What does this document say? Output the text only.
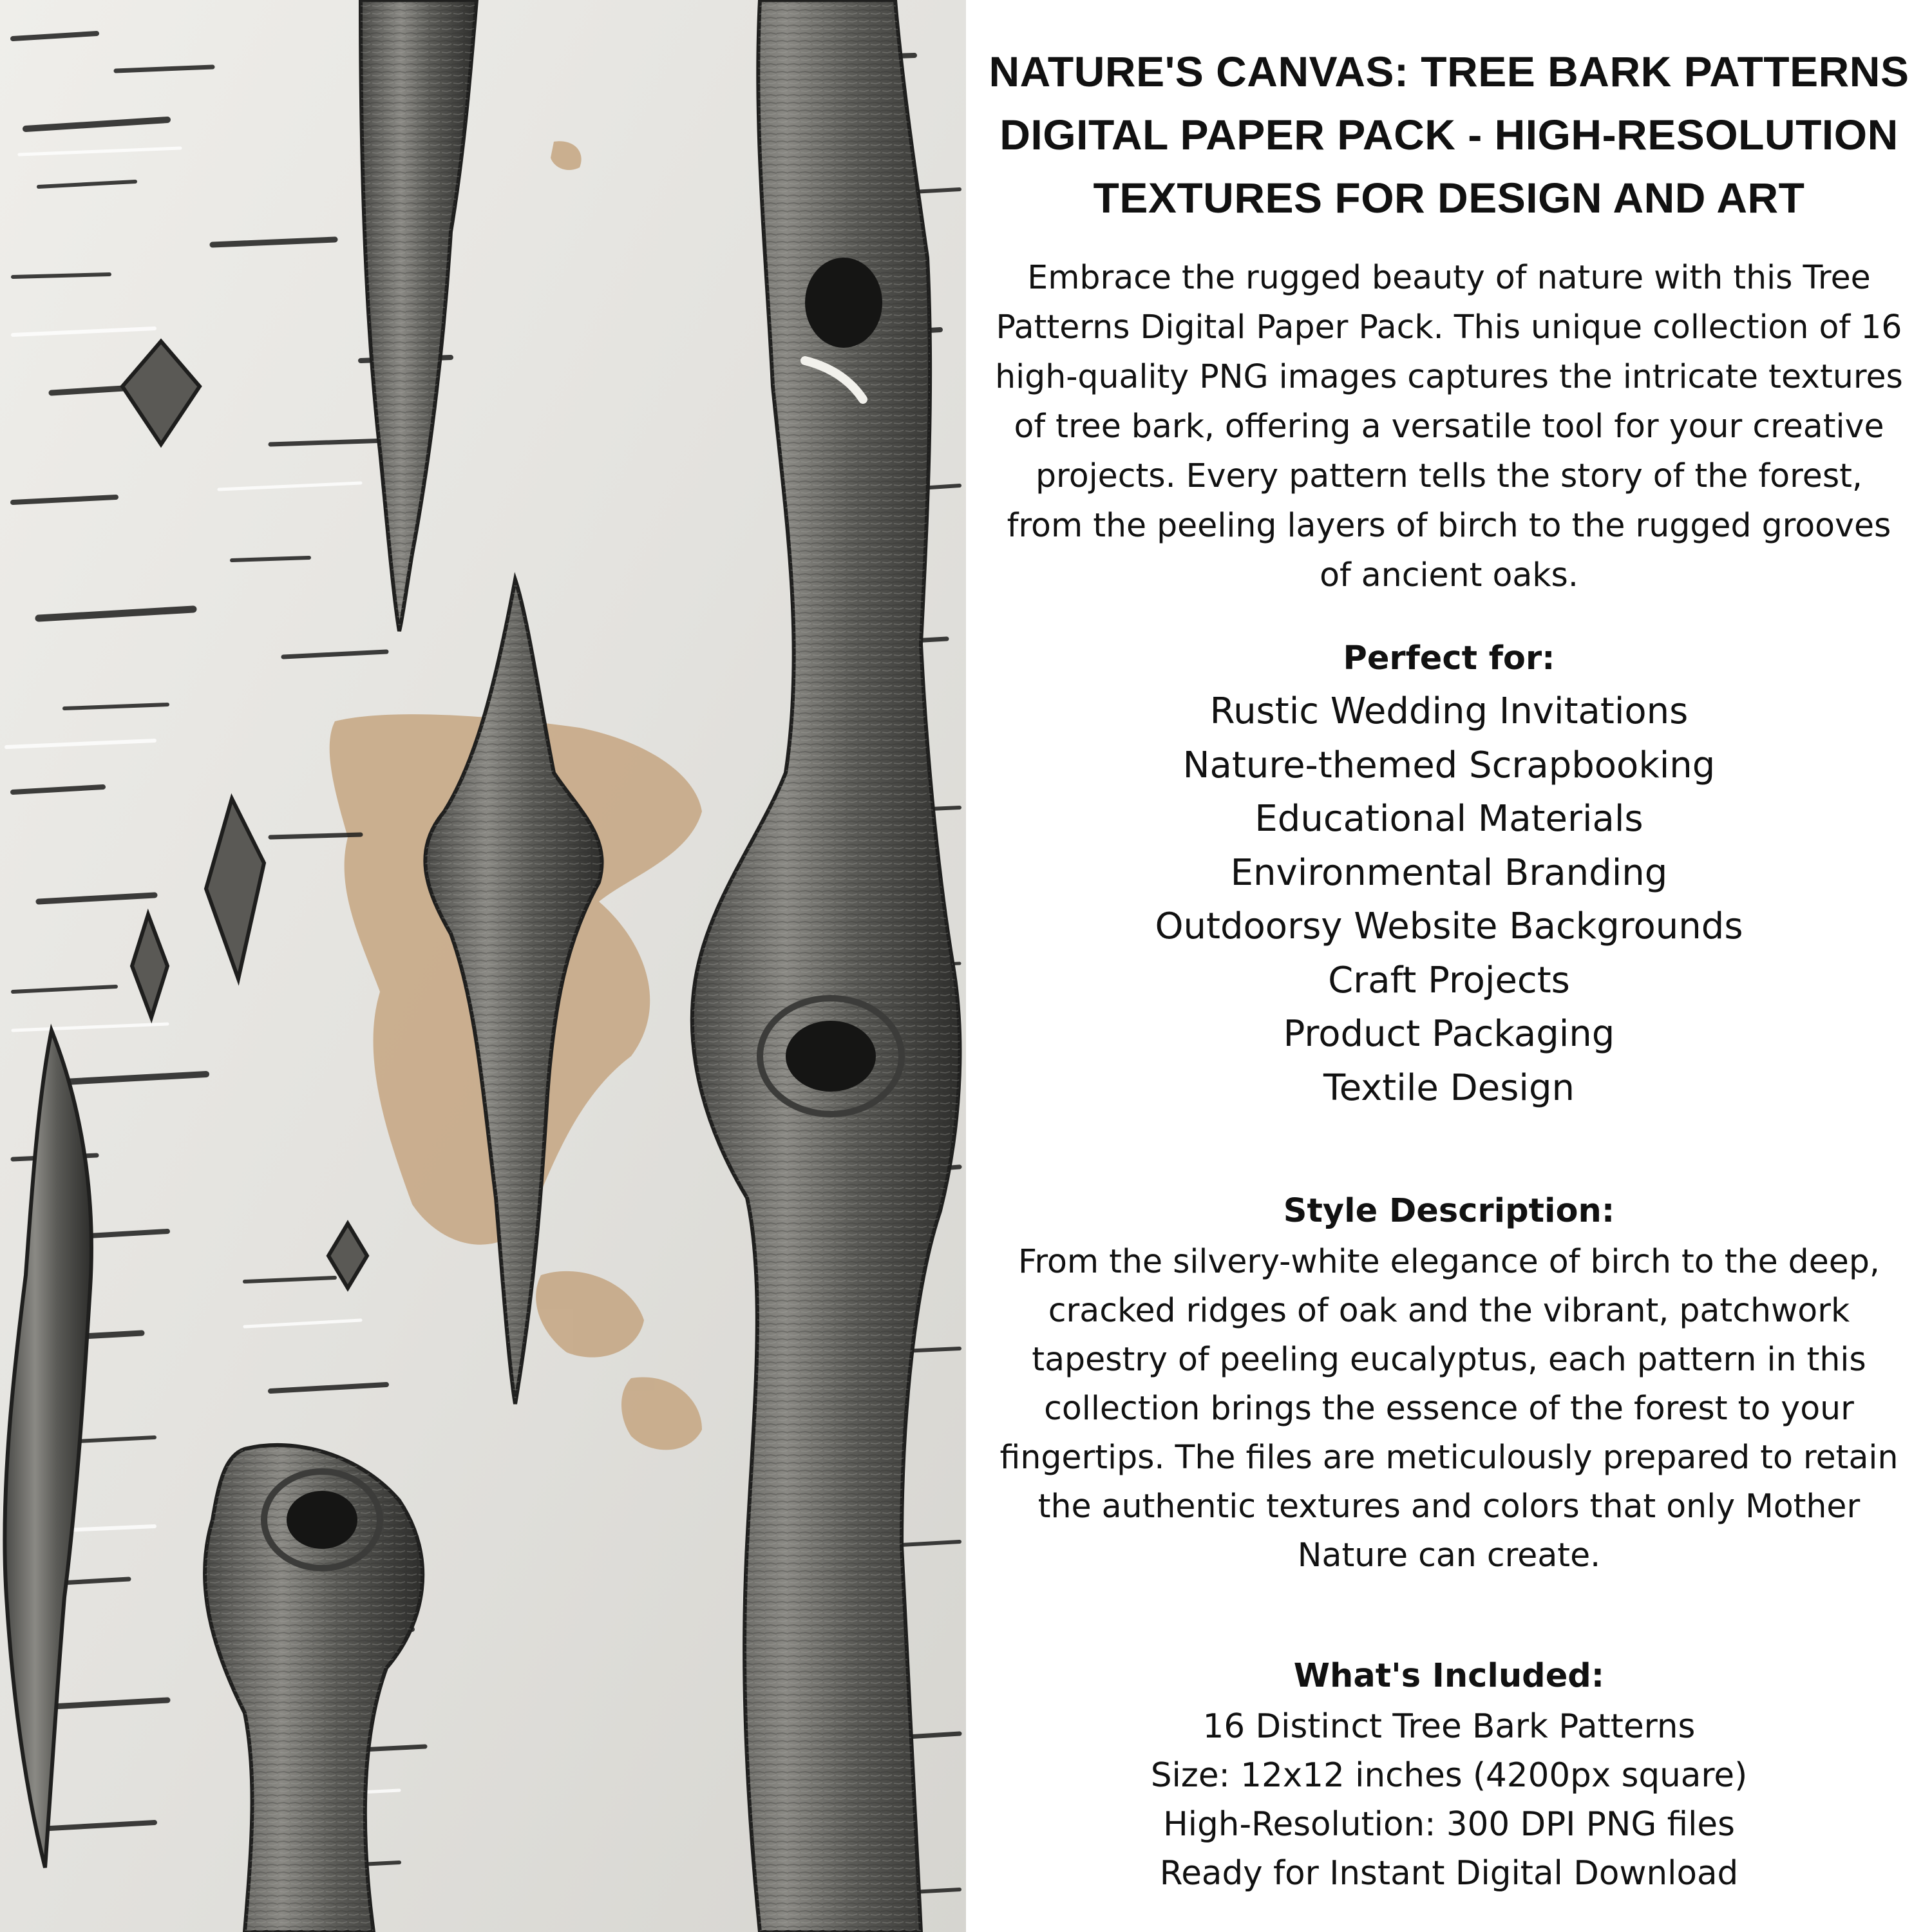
NATURE'S CANVAS: TREE BARK PATTERNS
DIGITAL PAPER PACK - HIGH-RESOLUTION
TEXTURES FOR DESIGN AND ART
Embrace the rugged beauty of nature with this Tree
Patterns Digital Paper Pack. This unique collection of 16
high-quality PNG images captures the intricate textures
of tree bark, offering a versatile tool for your creative
projects. Every pattern tells the story of the forest,
from the peeling layers of birch to the rugged grooves
of ancient oaks.
Perfect for:
Rustic Wedding Invitations
Nature-themed Scrapbooking
Educational Materials
Environmental Branding
Outdoorsy Website Backgrounds
Craft Projects
Product Packaging
Textile Design
Style Description:
From the silvery-white elegance of birch to the deep,
cracked ridges of oak and the vibrant, patchwork
tapestry of peeling eucalyptus, each pattern in this
collection brings the essence of the forest to your
fingertips. The files are meticulously prepared to retain
the authentic textures and colors that only Mother
Nature can create.
What's Included:
16 Distinct Tree Bark Patterns
Size: 12x12 inches (4200px square)
High-Resolution: 300 DPI PNG files
Ready for Instant Digital Download
